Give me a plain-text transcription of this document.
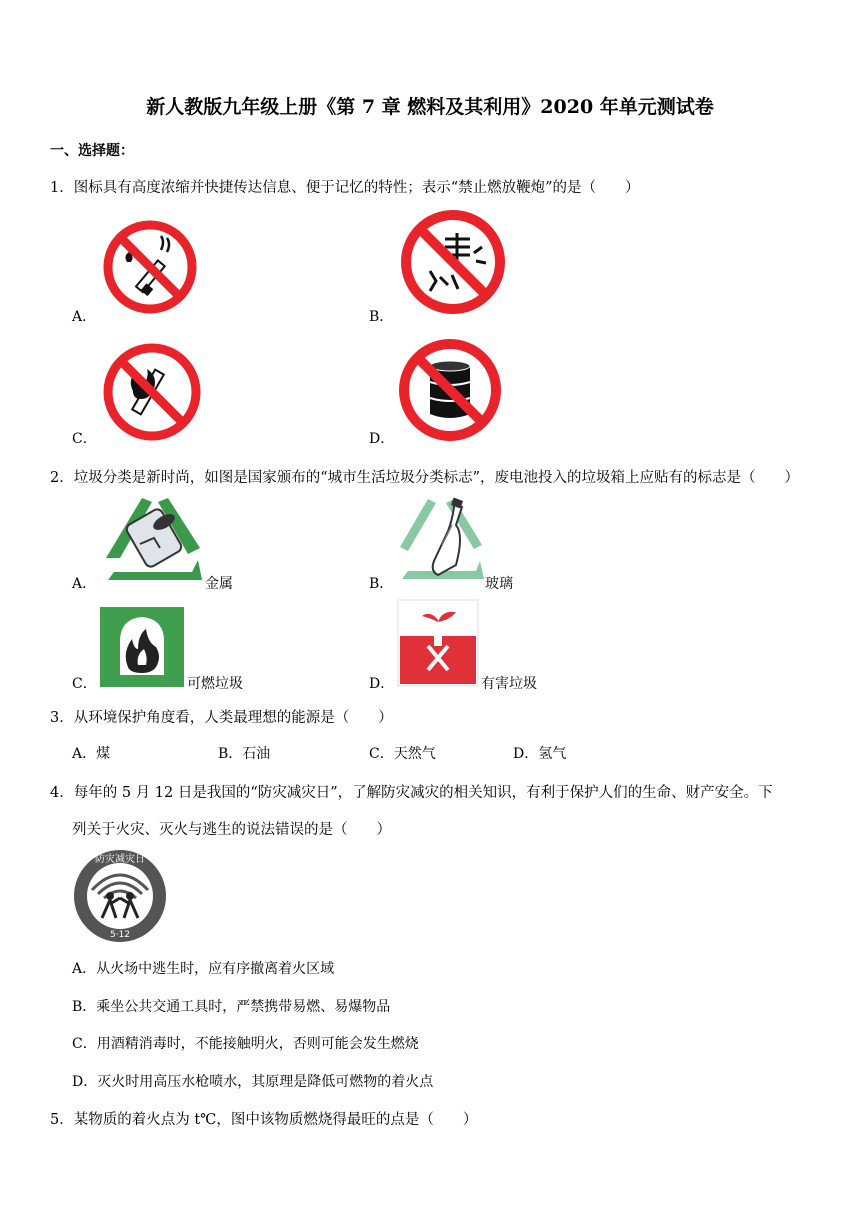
新人教版九年级上册《第 7 章 燃料及其利用》2020 年单元测试卷
一、选择题：
1．图标具有高度浓缩并快捷传达信息、便于记忆的特性；表示“禁止燃放鞭炮”的是（　　）
A．	B．
C．	D．
2．垃圾分类是新时尚，如图是国家颁布的“城市生活垃圾分类标志”，废电池投入的垃圾箱上应贴有的标志是（　　）
A．	金属	B．	玻璃
C．	可燃垃圾	D．	有害垃圾
3．从环境保护角度看，人类最理想的能源是（　　）
A．煤	B．石油	C．天然气	D．氢气
4．每年的 5 月 12 日是我国的“防灾减灾日”，了解防灾减灾的相关知识，有利于保护人们的生命、财产安全。下
列关于火灾、灭火与逃生的说法错误的是（　　）
防灾减灾日
5·12
A．从火场中逃生时，应有序撤离着火区域
B．乘坐公共交通工具时，严禁携带易燃、易爆物品
C．用酒精消毒时，不能接触明火，否则可能会发生燃烧
D．灭火时用高压水枪喷水，其原理是降低可燃物的着火点
5．某物质的着火点为 t℃，图中该物质燃烧得最旺的点是（　　）
